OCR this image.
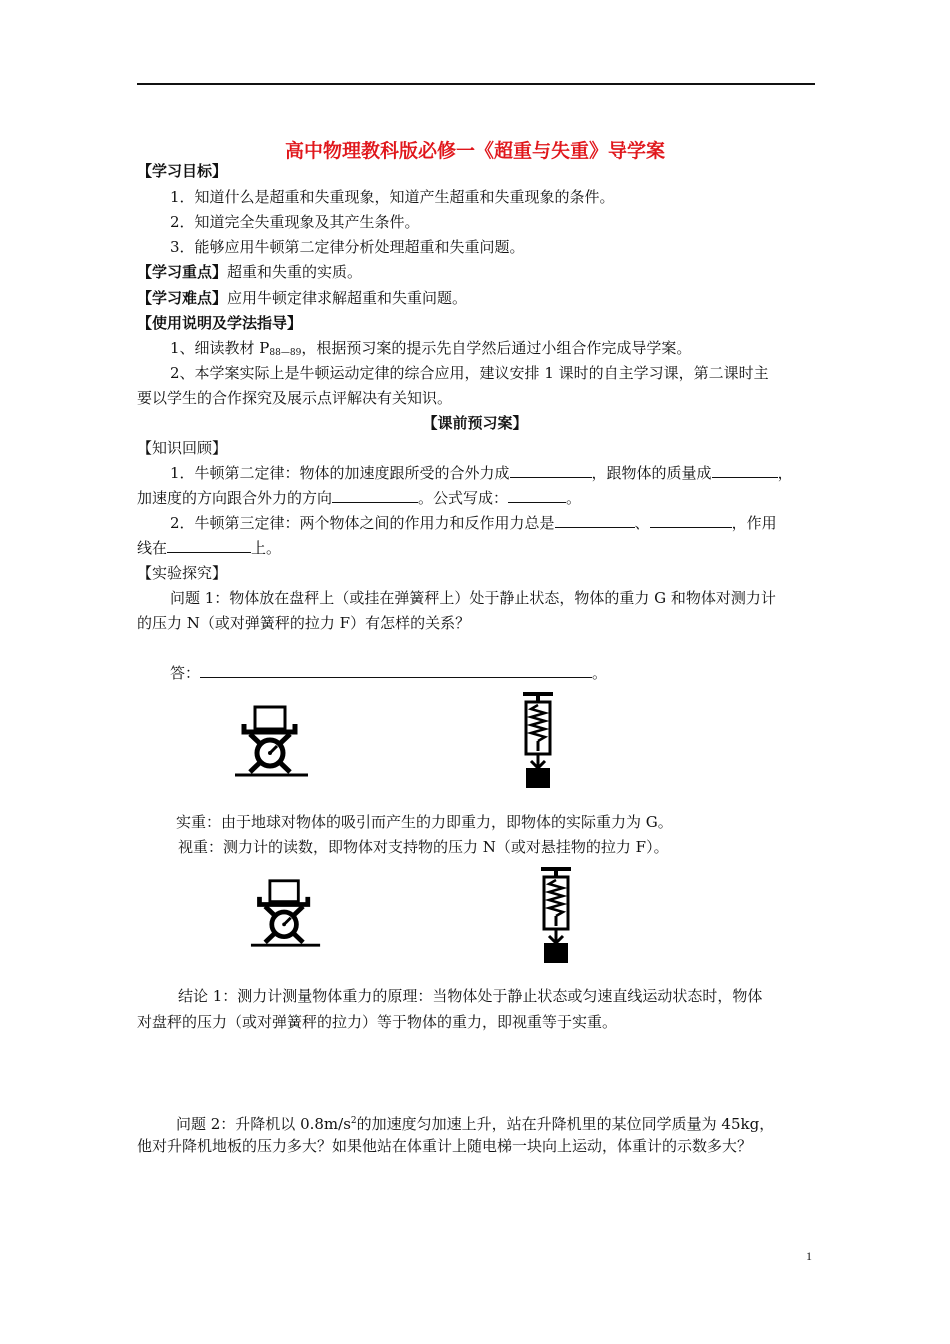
高中物理教科版必修一《超重与失重》导学案
【学习目标】
1．知道什么是超重和失重现象，知道产生超重和失重现象的条件。
2．知道完全失重现象及其产生条件。
3．能够应用牛顿第二定律分析处理超重和失重问题。
【学习重点】超重和失重的实质。
【学习难点】应用牛顿定律求解超重和失重问题。
【使用说明及学法指导】
1、细读教材 $P_{88—89}$，根据预习案的提示先自学然后通过小组合作完成导学案。
2、本学案实际上是牛顿运动定律的综合应用，建议安排 1 课时的自主学习课，第二课时主
要以学生的合作探究及展示点评解决有关知识。
【课前预习案】
【知识回顾】
1．牛顿第二定律：物体的加速度跟所受的合外力成	，跟物体的质量成	，
加速度的方向跟合外力的方向	。公式写成：	。
2．牛顿第三定律：两个物体之间的作用力和反作用力总是	、	，作用
线在	上。
【实验探究】
问题 1：物体放在盘秤上（或挂在弹簧秤上）处于静止状态，物体的重力 G 和物体对测力计
的压力 N（或对弹簧秤的拉力 F）有怎样的关系？
答：	。
实重：由于地球对物体的吸引而产生的力即重力，即物体的实际重力为 G。
视重：测力计的读数，即物体对支持物的压力 N（或对悬挂物的拉力 F）。
结论 1：测力计测量物体重力的原理：当物体处于静止状态或匀速直线运动状态时，物体
对盘秤的压力（或对弹簧秤的拉力）等于物体的重力，即视重等于实重。
问题 2：升降机以 $0.8m/s^2$的加速度匀加速上升，站在升降机里的某位同学质量为 45kg，
他对升降机地板的压力多大？如果他站在体重计上随电梯一块向上运动，体重计的示数多大？
1
